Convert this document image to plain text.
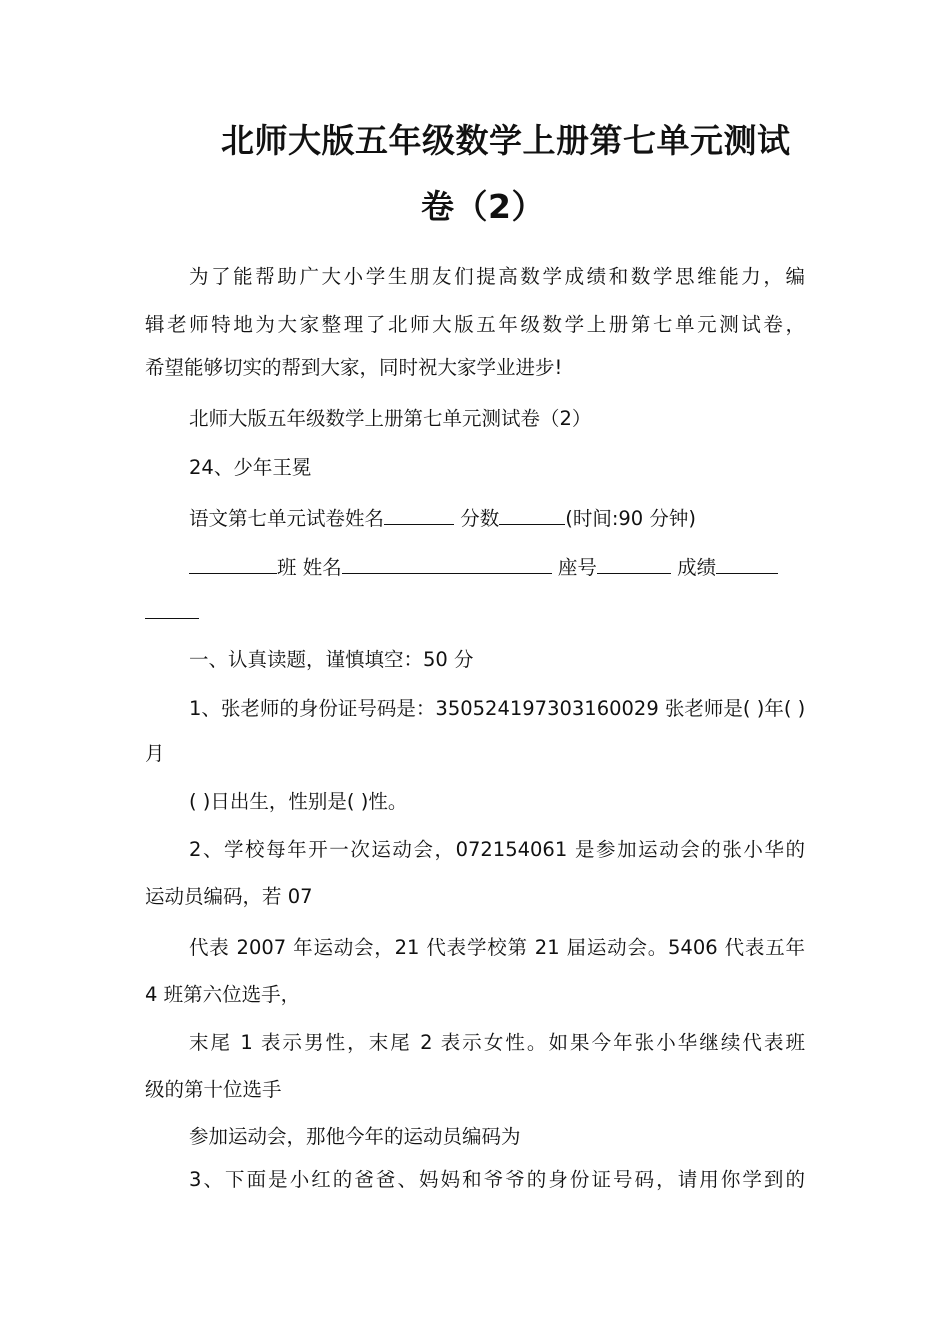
北师大版五年级数学上册第七单元测试
卷（2）

为了能帮助广大小学生朋友们提高数学成绩和数学思维能力，编

辑老师特地为大家整理了北师大版五年级数学上册第七单元测试卷，

希望能够切实的帮到大家，同时祝大家学业进步!

北师大版五年级数学上册第七单元测试卷（2）

24、少年王冕

语文第七单元试卷姓名	分数	(时间:90 分钟)

班 姓名	座号	成绩

一、认真读题，谨慎填空：50 分

1、张老师的身份证号码是：350524197303160029 张老师是( )年( )

月

( )日出生，性别是( )性。

2、学校每年开一次运动会，072154061 是参加运动会的张小华的

运动员编码，若 07

代表 2007 年运动会，21 代表学校第 21 届运动会。5406 代表五年

4 班第六位选手，

末尾 1 表示男性，末尾 2 表示女性。如果今年张小华继续代表班

级的第十位选手

参加运动会，那他今年的运动员编码为

3、下面是小红的爸爸、妈妈和爷爷的身份证号码，请用你学到的
